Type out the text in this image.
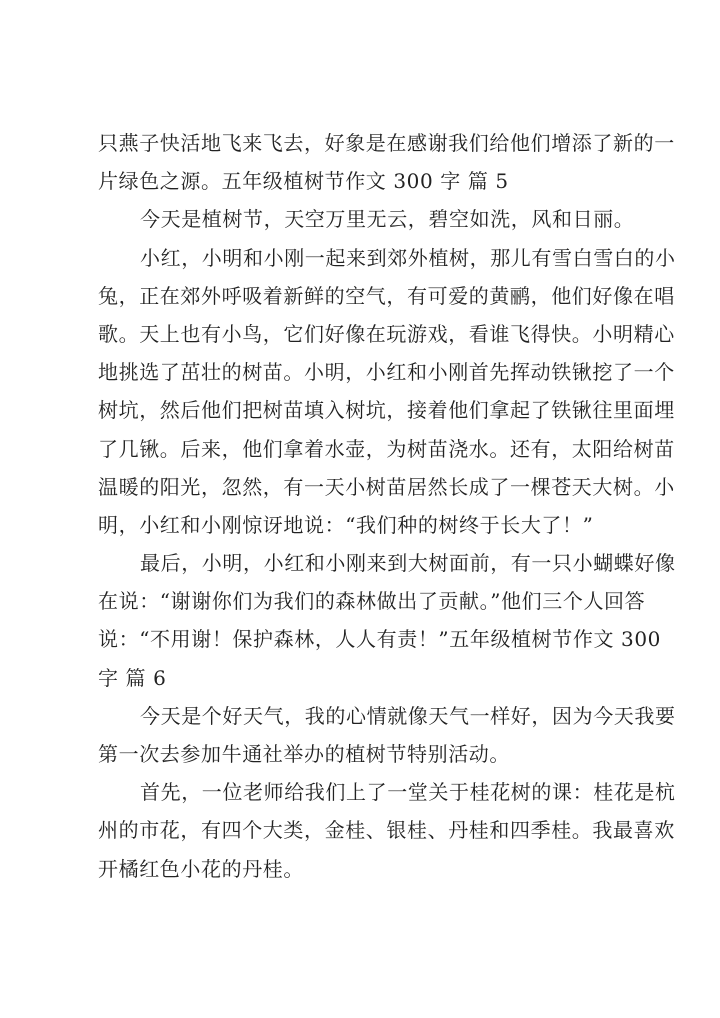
只燕子快活地飞来飞去，好象是在感谢我们给他们增添了新的一
片绿色之源。五年级植树节作文 300 字 篇 5
今天是植树节，天空万里无云，碧空如洗，风和日丽。
小红，小明和小刚一起来到郊外植树，那儿有雪白雪白的小
兔，正在郊外呼吸着新鲜的空气，有可爱的黄鹂，他们好像在唱
歌。天上也有小鸟，它们好像在玩游戏，看谁飞得快。小明精心
地挑选了茁壮的树苗。小明，小红和小刚首先挥动铁锹挖了一个
树坑，然后他们把树苗填入树坑，接着他们拿起了铁锹往里面埋
了几锹。后来，他们拿着水壶，为树苗浇水。还有，太阳给树苗
温暖的阳光，忽然，有一天小树苗居然长成了一棵苍天大树。小
明，小红和小刚惊讶地说：“我们种的树终于长大了！”
最后，小明，小红和小刚来到大树面前，有一只小蝴蝶好像
在说：“谢谢你们为我们的森林做出了贡献。”他们三个人回答
说：“不用谢！保护森林，人人有责！”五年级植树节作文 300
字 篇 6
今天是个好天气，我的心情就像天气一样好，因为今天我要
第一次去参加牛通社举办的植树节特别活动。
首先，一位老师给我们上了一堂关于桂花树的课：桂花是杭
州的市花，有四个大类，金桂、银桂、丹桂和四季桂。我最喜欢
开橘红色小花的丹桂。
